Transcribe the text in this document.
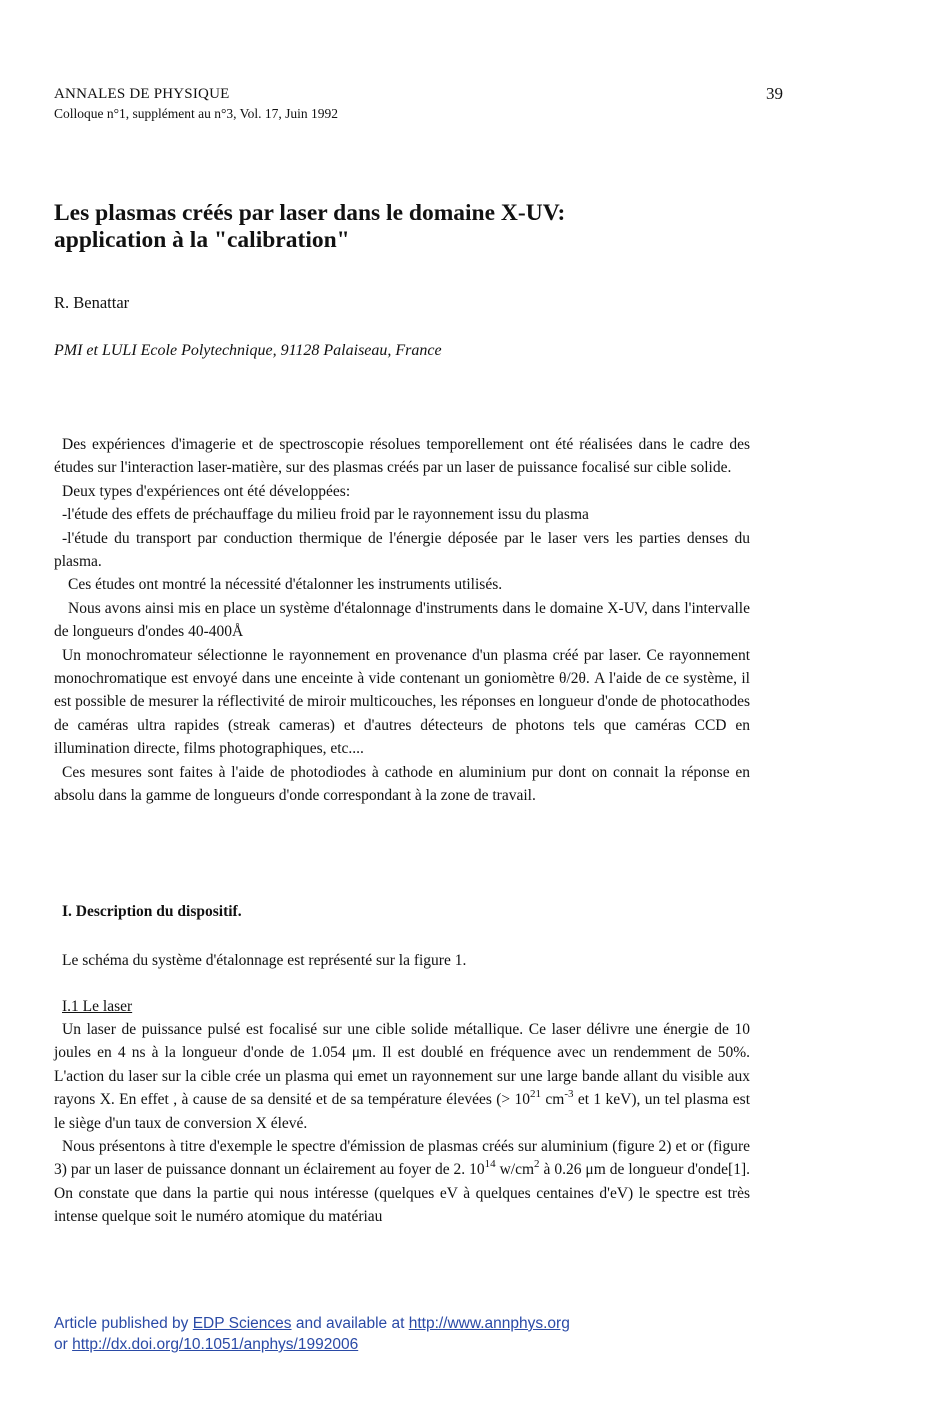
ANNALES DE PHYSIQUE
Colloque n°1, supplément au n°3, Vol. 17, Juin 1992
39
Les plasmas créés par laser dans le domaine X-UV:
application à la "calibration"
R. Benattar
PMI et LULI Ecole Polytechnique, 91128 Palaiseau, France

Des expériences d'imagerie et de spectroscopie résolues temporellement ont été réalisées dans le cadre des études sur l'interaction laser-matière, sur des plasmas créés par un laser de puissance focalisé sur cible solide.

Deux types d'expériences ont été développées:

-l'étude des effets de préchauffage du milieu froid par le rayonnement issu du plasma

-l'étude du transport par conduction thermique de l'énergie déposée par le laser vers les parties denses du plasma.

Ces études ont montré la nécessité d'étalonner les instruments utilisés.

Nous avons ainsi mis en place un système d'étalonnage d'instruments dans le domaine X-UV, dans l'intervalle de longueurs d'ondes 40-400Å

Un monochromateur sélectionne le rayonnement en provenance d'un plasma créé par laser. Ce rayonnement monochromatique est envoyé dans une enceinte à vide contenant un goniomètre θ/2θ. A l'aide de ce système, il est possible de mesurer la réflectivité de miroir multicouches, les réponses en longueur d'onde de photocathodes de caméras ultra rapides (streak cameras) et d'autres détecteurs de photons tels que caméras CCD en illumination directe, films photographiques, etc....

Ces mesures sont faites à l'aide de photodiodes à cathode en aluminium pur dont on connait la réponse en absolu dans la gamme de longueurs d'onde correspondant à la zone de travail.

I. Description du dispositif.
Le schéma du système d'étalonnage est représenté sur la figure 1.
I.1 Le laser

Un laser de puissance pulsé est focalisé sur une cible solide métallique. Ce laser délivre une énergie de 10 joules en 4 ns à la longueur d'onde de 1.054 μm. Il est doublé en fréquence avec un rendemment de 50%. L'action du laser sur la cible crée un plasma qui emet un rayonnement sur une large bande allant du visible aux rayons X. En effet , à cause de sa densité et de sa température élevées (> $10^{21}$ $cm^{-3}$ et 1 keV), un tel plasma est le siège d'un taux de conversion X élevé.

Nous présentons à titre d'exemple le spectre d'émission de plasmas créés sur aluminium (figure 2) et or (figure 3) par un laser de puissance donnant un éclairement au foyer de 2. $10^{14}$ $w/cm^2$ à 0.26 μm de longueur d'onde[1]. On constate que dans la partie qui nous intéresse (quelques eV à quelques centaines d'eV) le spectre est très intense quelque soit le numéro atomique du matériau

Article published by EDP Sciences and available at http://www.annphys.org
or http://dx.doi.org/10.1051/anphys/1992006
